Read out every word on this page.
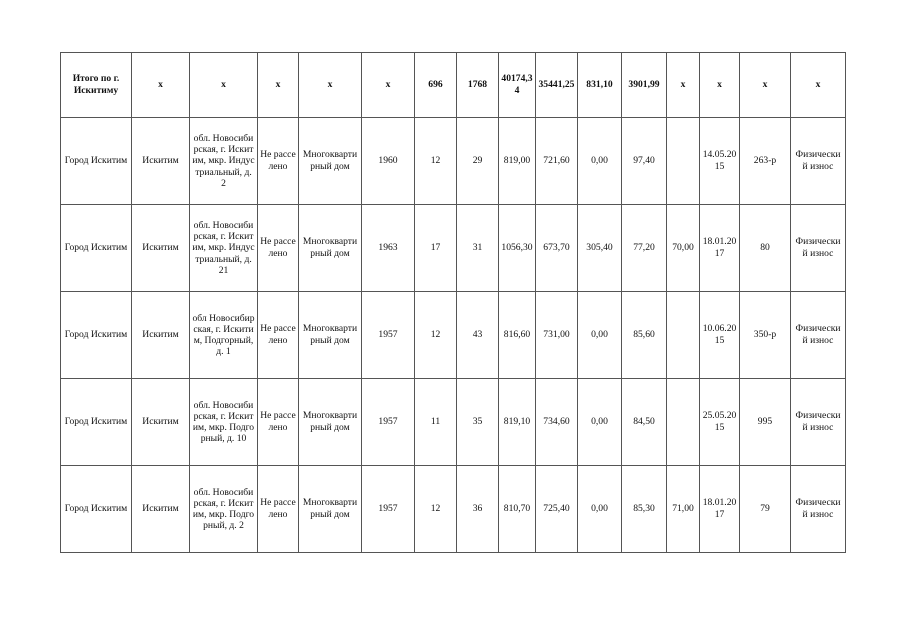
Итого по г. Искитиму	x	x	x	x	x	696	1768	40174,34	35441,25	831,10	3901,99	x	x	x	x
Город Искитим	Искитим	обл. Новосибирская, г. Искитим, мкр. Индустриальный, д. 2	Не расселено	Многоквартирный дом	1960	12	29	819,00	721,60	0,00	97,40		14.05.2015	263-р	Физический износ
Город Искитим	Искитим	обл. Новосибирская, г. Искитим, мкр. Индустриальный, д. 21	Не расселено	Многоквартирный дом	1963	17	31	1056,30	673,70	305,40	77,20	70,00	18.01.2017	80	Физический износ
Город Искитим	Искитим	обл Новосибирская, г. Искитим, Подгорный, д. 1	Не расселено	Многоквартирный дом	1957	12	43	816,60	731,00	0,00	85,60		10.06.2015	350-р	Физический износ
Город Искитим	Искитим	обл. Новосибирская, г. Искитим, мкр. Подгорный, д. 10	Не расселено	Многоквартирный дом	1957	11	35	819,10	734,60	0,00	84,50		25.05.2015	995	Физический износ
Город Искитим	Искитим	обл. Новосибирская, г. Искитим, мкр. Подгорный, д. 2	Не расселено	Многоквартирный дом	1957	12	36	810,70	725,40	0,00	85,30	71,00	18.01.2017	79	Физический износ
